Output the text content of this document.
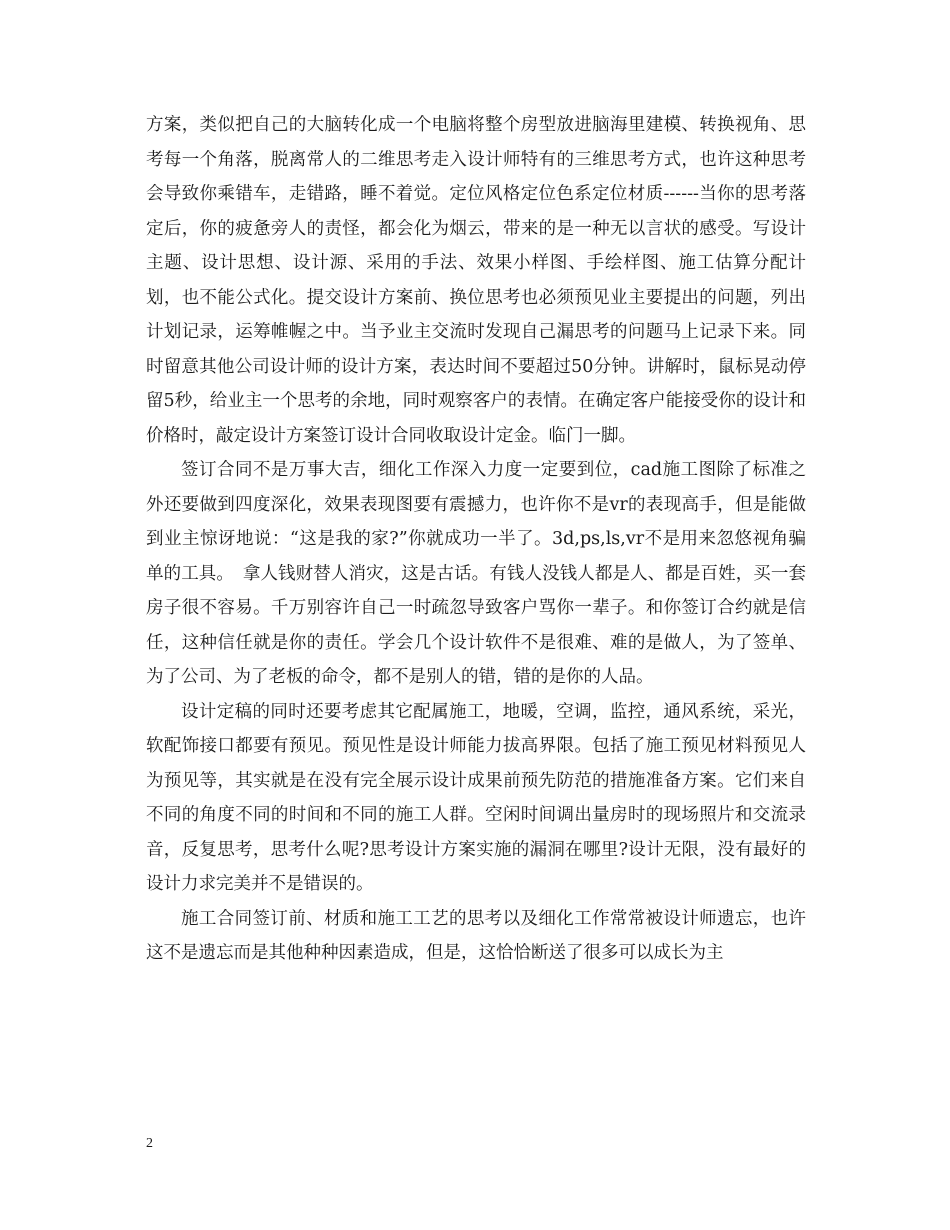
方案，类似把自己的大脑转化成一个电脑将整个房型放进脑海里建模、转换视角、思考每一个角落，脱离常人的二维思考走入设计师特有的三维思考方式，也许这种思考会导致你乘错车，走错路，睡不着觉。定位风格定位色系定位材质------当你的思考落定后，你的疲惫旁人的责怪，都会化为烟云，带来的是一种无以言状的感受。写设计主题、设计思想、设计源、采用的手法、效果小样图、手绘样图、施工估算分配计划，也不能公式化。提交设计方案前、换位思考也必须预见业主要提出的问题，列出计划记录，运筹帷幄之中。当予业主交流时发现自己漏思考的问题马上记录下来。同时留意其他公司设计师的设计方案，表达时间不要超过50分钟。讲解时，鼠标晃动停留5秒，给业主一个思考的余地，同时观察客户的表情。在确定客户能接受你的设计和价格时，敲定设计方案签订设计合同收取设计定金。临门一脚。

签订合同不是万事大吉，细化工作深入力度一定要到位，cad施工图除了标准之外还要做到四度深化，效果表现图要有震撼力，也许你不是vr的表现高手，但是能做到业主惊讶地说：“这是我的家?”你就成功一半了。3d,ps,ls,vr不是用来忽悠视角骗单的工具。　拿人钱财替人消灾，这是古话。有钱人没钱人都是人、都是百姓，买一套房子很不容易。千万别容许自己一时疏忽导致客户骂你一辈子。和你签订合约就是信任，这种信任就是你的责任。学会几个设计软件不是很难、难的是做人，为了签单、为了公司、为了老板的命令，都不是别人的错，错的是你的人品。

设计定稿的同时还要考虑其它配属施工，地暖，空调，监控，通风系统，采光，软配饰接口都要有预见。预见性是设计师能力拔高界限。包括了施工预见材料预见人为预见等，其实就是在没有完全展示设计成果前预先防范的措施准备方案。它们来自不同的角度不同的时间和不同的施工人群。空闲时间调出量房时的现场照片和交流录音，反复思考，思考什么呢?思考设计方案实施的漏洞在哪里?设计无限，没有最好的设计力求完美并不是错误的。

施工合同签订前、材质和施工工艺的思考以及细化工作常常被设计师遗忘，也许这不是遗忘而是其他种种因素造成，但是，这恰恰断送了很多可以成长为主

2
